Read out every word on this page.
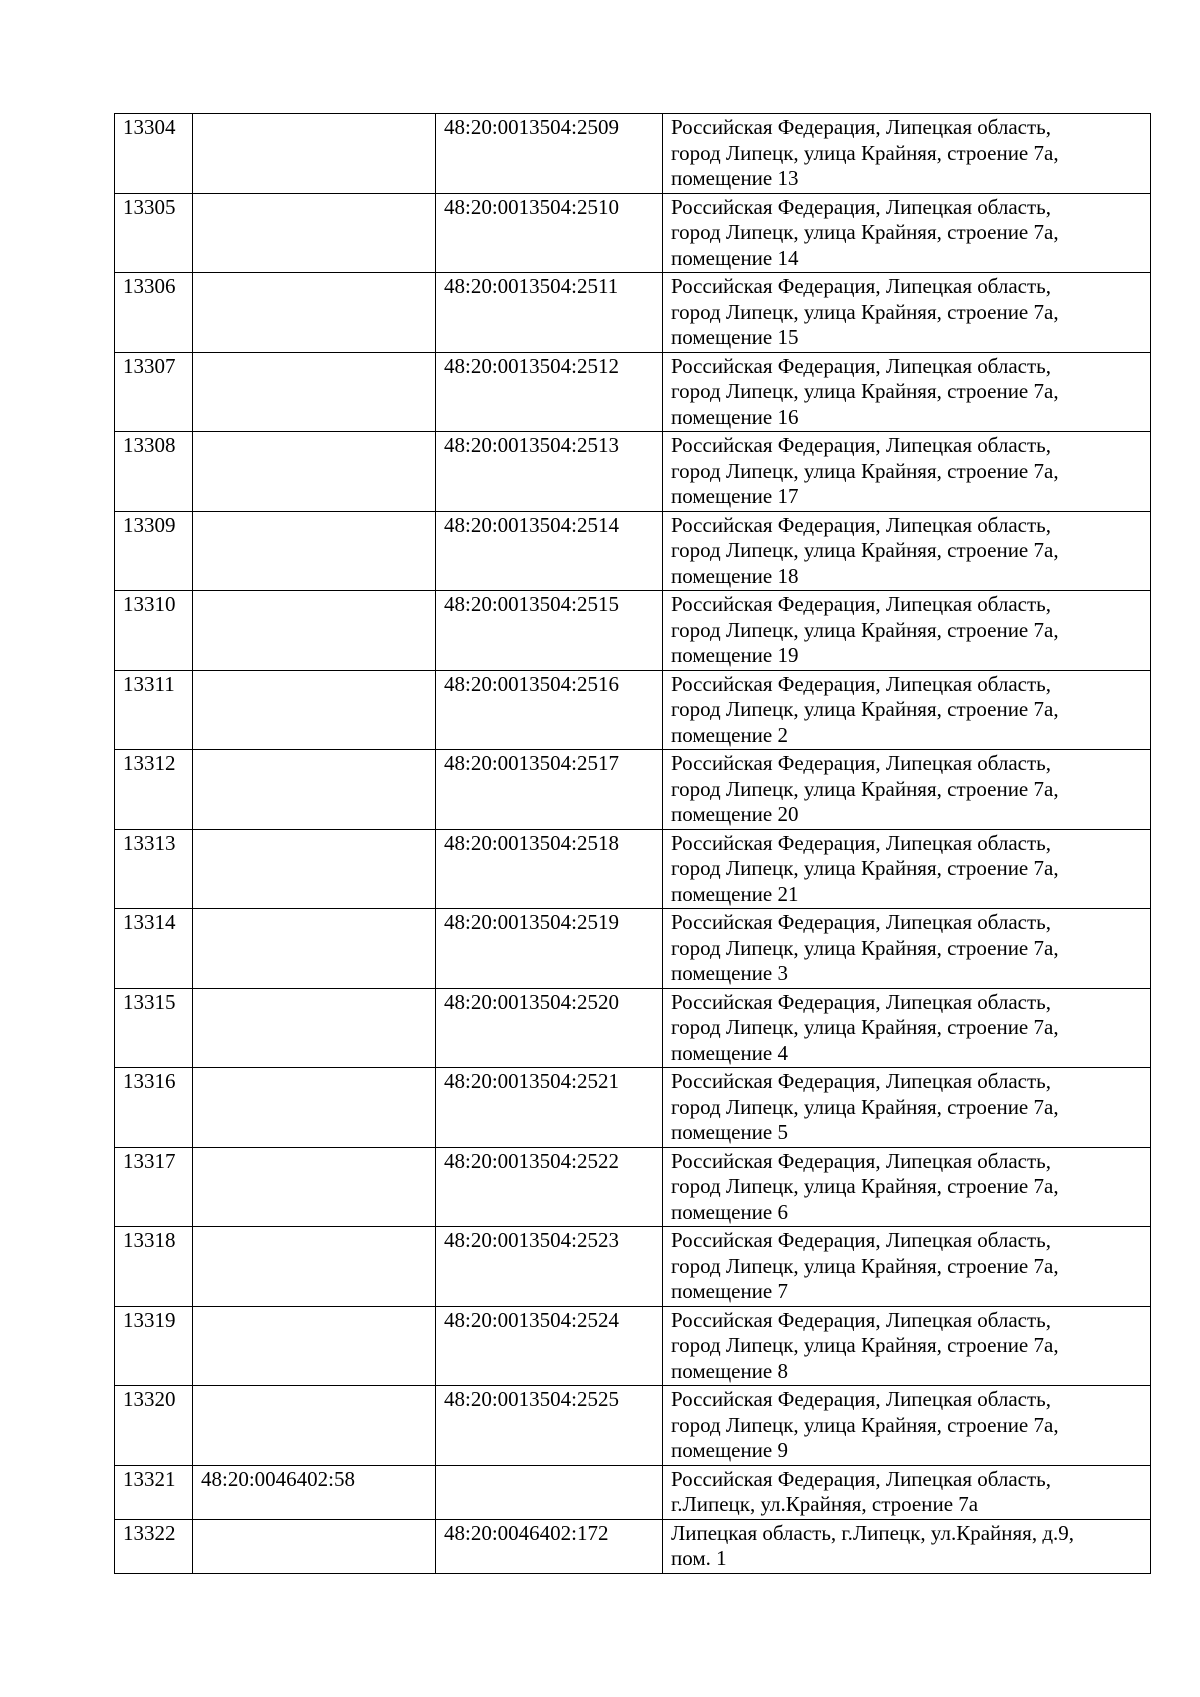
13304		48:20:0013504:2509	Российская Федерация, Липецкая область,
город Липецк, улица Крайняя, строение 7а,
помещение 13

13305		48:20:0013504:2510	Российская Федерация, Липецкая область,
город Липецк, улица Крайняя, строение 7а,
помещение 14

13306		48:20:0013504:2511	Российская Федерация, Липецкая область,
город Липецк, улица Крайняя, строение 7а,
помещение 15

13307		48:20:0013504:2512	Российская Федерация, Липецкая область,
город Липецк, улица Крайняя, строение 7а,
помещение 16

13308		48:20:0013504:2513	Российская Федерация, Липецкая область,
город Липецк, улица Крайняя, строение 7а,
помещение 17

13309		48:20:0013504:2514	Российская Федерация, Липецкая область,
город Липецк, улица Крайняя, строение 7а,
помещение 18

13310		48:20:0013504:2515	Российская Федерация, Липецкая область,
город Липецк, улица Крайняя, строение 7а,
помещение 19

13311		48:20:0013504:2516	Российская Федерация, Липецкая область,
город Липецк, улица Крайняя, строение 7а,
помещение 2

13312		48:20:0013504:2517	Российская Федерация, Липецкая область,
город Липецк, улица Крайняя, строение 7а,
помещение 20

13313		48:20:0013504:2518	Российская Федерация, Липецкая область,
город Липецк, улица Крайняя, строение 7а,
помещение 21

13314		48:20:0013504:2519	Российская Федерация, Липецкая область,
город Липецк, улица Крайняя, строение 7а,
помещение 3

13315		48:20:0013504:2520	Российская Федерация, Липецкая область,
город Липецк, улица Крайняя, строение 7а,
помещение 4

13316		48:20:0013504:2521	Российская Федерация, Липецкая область,
город Липецк, улица Крайняя, строение 7а,
помещение 5

13317		48:20:0013504:2522	Российская Федерация, Липецкая область,
город Липецк, улица Крайняя, строение 7а,
помещение 6

13318		48:20:0013504:2523	Российская Федерация, Липецкая область,
город Липецк, улица Крайняя, строение 7а,
помещение 7

13319		48:20:0013504:2524	Российская Федерация, Липецкая область,
город Липецк, улица Крайняя, строение 7а,
помещение 8

13320		48:20:0013504:2525	Российская Федерация, Липецкая область,
город Липецк, улица Крайняя, строение 7а,
помещение 9

13321	48:20:0046402:58		Российская Федерация, Липецкая область,
г.Липецк, ул.Крайняя, строение 7а

13322		48:20:0046402:172	Липецкая область, г.Липецк, ул.Крайняя, д.9,
пом. 1
